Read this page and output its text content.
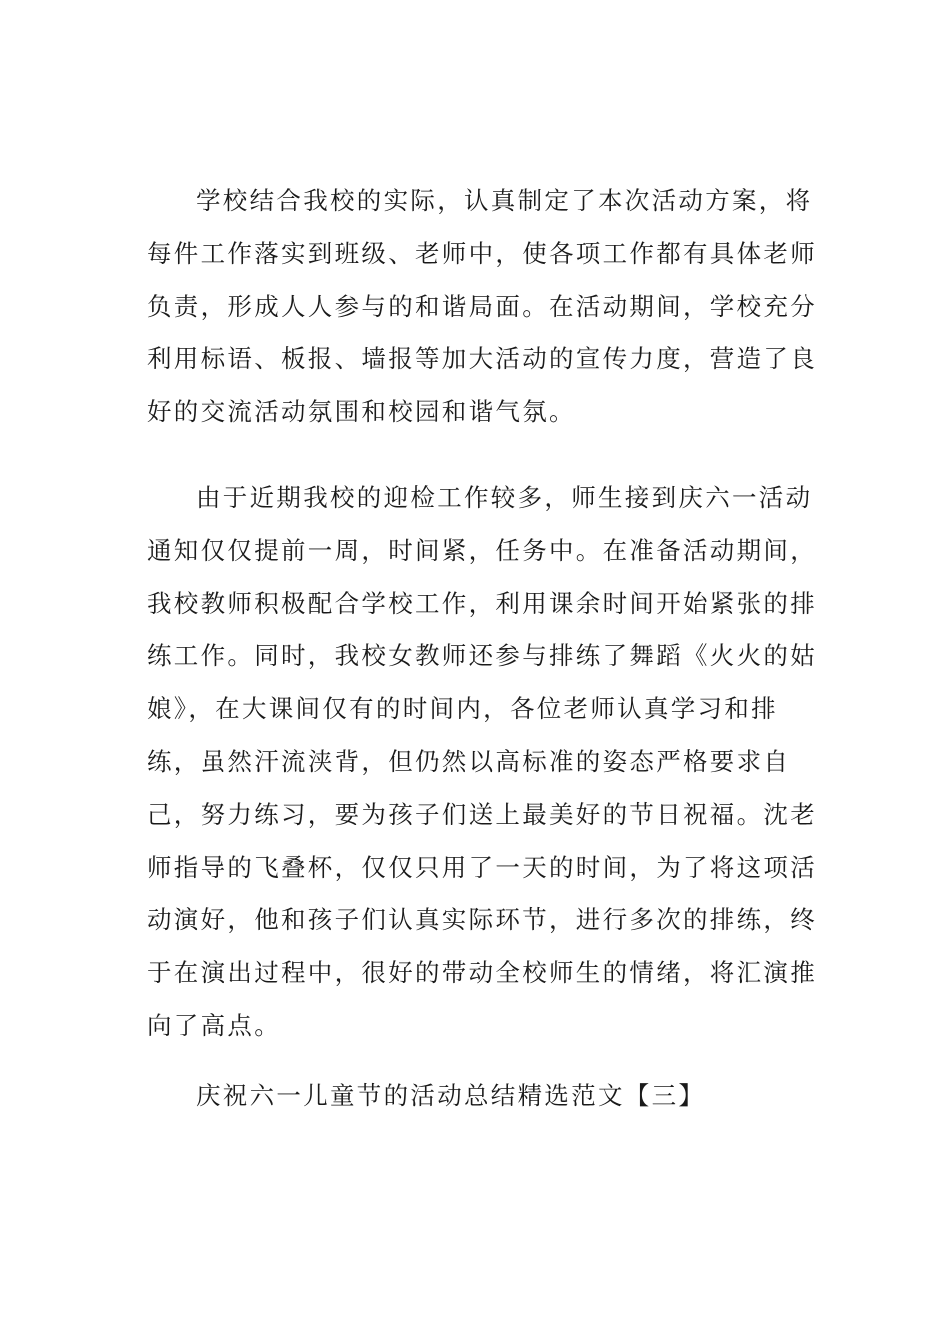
学校结合我校的实际，认真制定了本次活动方案，将
每件工作落实到班级、老师中，使各项工作都有具体老师
负责，形成人人参与的和谐局面。在活动期间，学校充分
利用标语、板报、墙报等加大活动的宣传力度，营造了良
好的交流活动氛围和校园和谐气氛。

由于近期我校的迎检工作较多，师生接到庆六一活动
通知仅仅提前一周，时间紧，任务中。在准备活动期间，
我校教师积极配合学校工作，利用课余时间开始紧张的排
练工作。同时，我校女教师还参与排练了舞蹈《火火的姑
娘》，在大课间仅有的时间内，各位老师认真学习和排
练，虽然汗流浃背，但仍然以高标准的姿态严格要求自
己，努力练习，要为孩子们送上最美好的节日祝福。沈老
师指导的飞叠杯，仅仅只用了一天的时间，为了将这项活
动演好，他和孩子们认真实际环节，进行多次的排练，终
于在演出过程中，很好的带动全校师生的情绪，将汇演推
向了高点。

庆祝六一儿童节的活动总结精选范文【三】
